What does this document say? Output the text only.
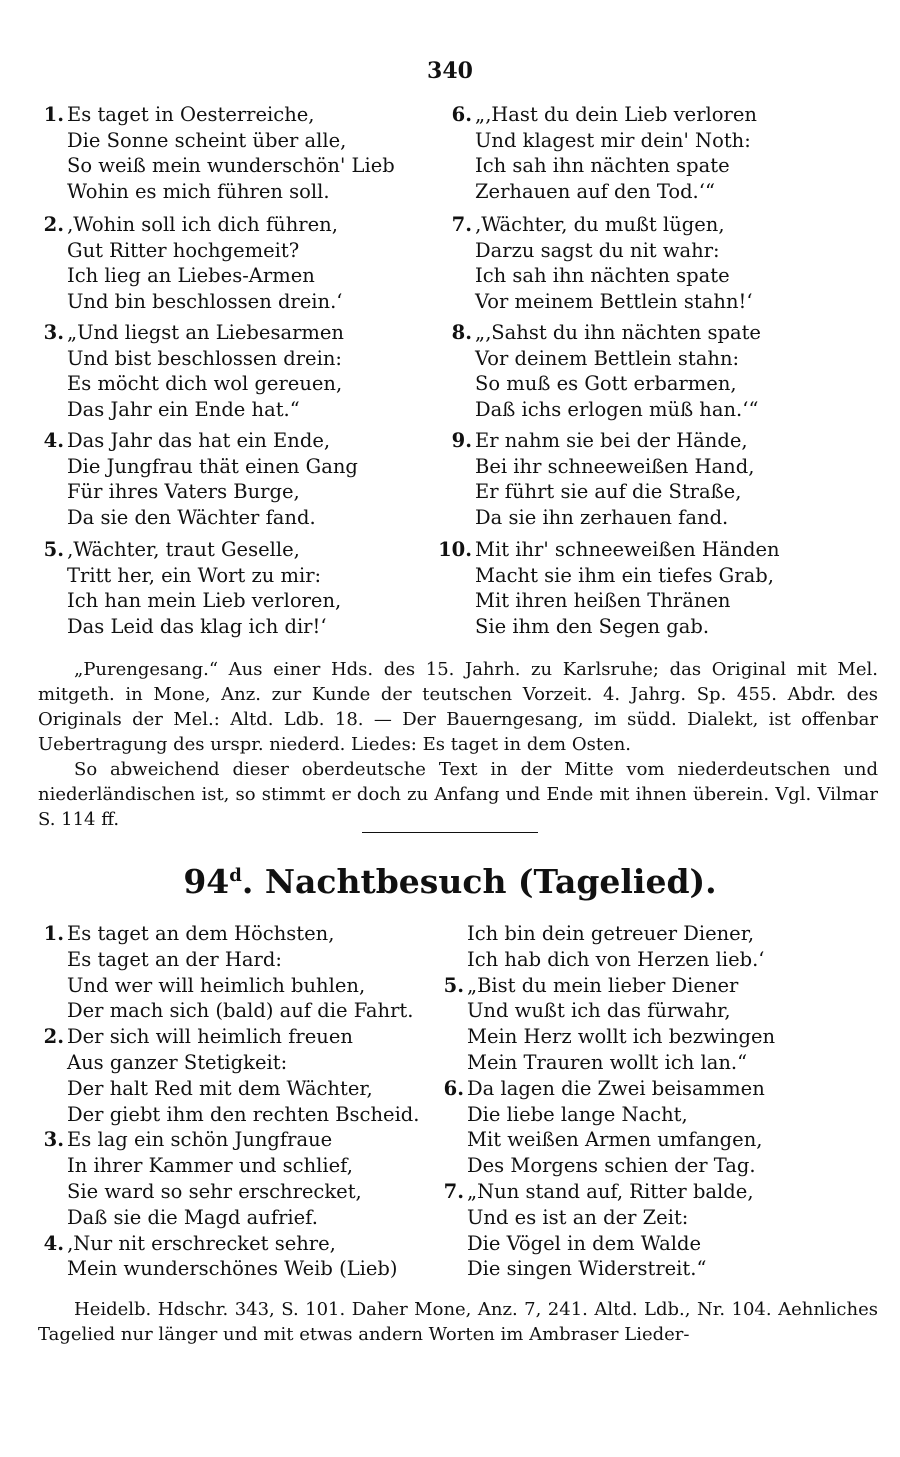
340
1. Es taget in Oesterreiche,
Die Sonne scheint über alle,
So weiß mein wunderschön' Lieb
Wohin es mich führen soll.
2. ‚Wohin soll ich dich führen,
Gut Ritter hochgemeit?
Ich lieg an Liebes-Armen
Und bin beschlossen drein.‘
3. „Und liegst an Liebesarmen
Und bist beschlossen drein:
Es möcht dich wol gereuen,
Das Jahr ein Ende hat.“
4. Das Jahr das hat ein Ende,
Die Jungfrau thät einen Gang
Für ihres Vaters Burge,
Da sie den Wächter fand.
5. ‚Wächter, traut Geselle,
Tritt her, ein Wort zu mir:
Ich han mein Lieb verloren,
Das Leid das klag ich dir!‘
6. „‚Hast du dein Lieb verloren
Und klagest mir dein' Noth:
Ich sah ihn nächten spate
Zerhauen auf den Tod.‘“
7. ‚Wächter, du mußt lügen,
Darzu sagst du nit wahr:
Ich sah ihn nächten spate
Vor meinem Bettlein stahn!‘
8. „‚Sahst du ihn nächten spate
Vor deinem Bettlein stahn:
So muß es Gott erbarmen,
Daß ichs erlogen müß han.‘“
9. Er nahm sie bei der Hände,
Bei ihr schneeweißen Hand,
Er führt sie auf die Straße,
Da sie ihn zerhauen fand.
10. Mit ihr' schneeweißen Händen
Macht sie ihm ein tiefes Grab,
Mit ihren heißen Thränen
Sie ihm den Segen gab.

„Purengesang.“ Aus einer Hds. des 15. Jahrh. zu Karlsruhe; das Original mit Mel. mitgeth. in Mone, Anz. zur Kunde der teutschen Vorzeit. 4. Jahrg. Sp. 455. Abdr. des Originals der Mel.: Altd. Ldb. 18. — Der Bauerngesang, im südd. Dialekt, ist offenbar Uebertragung des urspr. niederd. Liedes: Es taget in dem Osten.

So abweichend dieser oberdeutsche Text in der Mitte vom niederdeutschen und niederländischen ist, so stimmt er doch zu Anfang und Ende mit ihnen überein. Vgl. Vilmar S. 114 ff.

94$^d$. Nachtbesuch (Tagelied).
1. Es taget an dem Höchsten,
Es taget an der Hard:
Und wer will heimlich buhlen,
Der mach sich (bald) auf die Fahrt.
2. Der sich will heimlich freuen
Aus ganzer Stetigkeit:
Der halt Red mit dem Wächter,
Der giebt ihm den rechten Bscheid.
3. Es lag ein schön Jungfraue
In ihrer Kammer und schlief,
Sie ward so sehr erschrecket,
Daß sie die Magd aufrief.
4. ‚Nur nit erschrecket sehre,
Mein wunderschönes Weib (Lieb)
Ich bin dein getreuer Diener,
Ich hab dich von Herzen lieb.‘
5. „Bist du mein lieber Diener
Und wußt ich das fürwahr,
Mein Herz wollt ich bezwingen
Mein Trauren wollt ich lan.“
6. Da lagen die Zwei beisammen
Die liebe lange Nacht,
Mit weißen Armen umfangen,
Des Morgens schien der Tag.
7. „Nun stand auf, Ritter balde,
Und es ist an der Zeit:
Die Vögel in dem Walde
Die singen Widerstreit.“

Heidelb. Hdschr. 343, S. 101. Daher Mone, Anz. 7, 241. Altd. Ldb., Nr. 104. Aehnliches Tagelied nur länger und mit etwas andern Worten im Ambraser Lieder-
